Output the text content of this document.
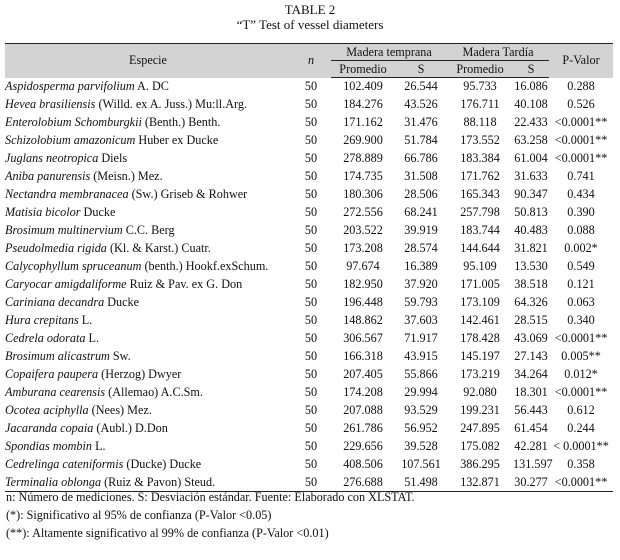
TABLE 2
“T” Test of vessel diameters
Especie	n	Madera temprana		Madera Tardía		P-Valor
		Promedio	S	Promedio	S	
Aspidosperma parvifolium A. DC	50	102.409	26.544	95.733	16.086	0.288
Hevea brasiliensis (Willd. ex A. Juss.) Mu:ll.Arg.	50	184.276	43.526	176.711	40.108	0.526
Enterolobium Schomburgkii (Benth.) Benth.	50	171.162	31.476	88.118	22.433	<0.0001**
Schizolobium amazonicum Huber ex Ducke	50	269.900	51.784	173.552	63.258	<0.0001**
Juglans neotropica Diels	50	278.889	66.786	183.384	61.004	<0.0001**
Aniba panurensis (Meisn.) Mez.	50	174.735	31.508	171.762	31.633	0.741
Nectandra membranacea (Sw.) Griseb & Rohwer	50	180.306	28.506	165.343	90.347	0.434
Matisia bicolor Ducke	50	272.556	68.241	257.798	50.813	0.390
Brosimum multinervium C.C. Berg	50	203.522	39.919	183.744	40.483	0.088
Pseudolmedia rigida (Kl. & Karst.) Cuatr.	50	173.208	28.574	144.644	31.821	0.002*
Calycophyllum spruceanum (benth.) Hookf.exSchum.	50	97.674	16.389	95.109	13.530	0.549
Caryocar amigdaliforme Ruiz & Pav. ex G. Don	50	182.950	37.920	171.005	38.518	0.121
Cariniana decandra Ducke	50	196.448	59.793	173.109	64.326	0.063
Hura crepitans L.	50	148.862	37.603	142.461	28.515	0.340
Cedrela odorata L.	50	306.567	71.917	178.428	43.069	<0.0001**
Brosimum alicastrum Sw.	50	166.318	43.915	145.197	27.143	0.005**
Copaifera paupera (Herzog) Dwyer	50	207.405	55.866	173.219	34.264	0.012*
Amburana cearensis (Allemao) A.C.Sm.	50	174.208	29.994	92.080	18.301	<0.0001**
Ocotea aciphylla (Nees) Mez.	50	207.088	93.529	199.231	56.443	0.612
Jacaranda copaia (Aubl.) D.Don	50	261.786	56.952	247.895	61.454	0.244
Spondias mombin L.	50	229.656	39.528	175.082	42.281	< 0.0001**
Cedrelinga cateniformis (Ducke) Ducke	50	408.506	107.561	386.295	131.597	0.358
Terminalia oblonga (Ruiz & Pavon) Steud.	50	276.688	51.498	132.871	30.277	<0.0001**
n: Número de mediciones. S: Desviación estándar. Fuente: Elaborado con XLSTAT.
(*): Significativo al 95% de confianza (P-Valor <0.05)
(**): Altamente significativo al 99% de confianza (P-Valor <0.01)
